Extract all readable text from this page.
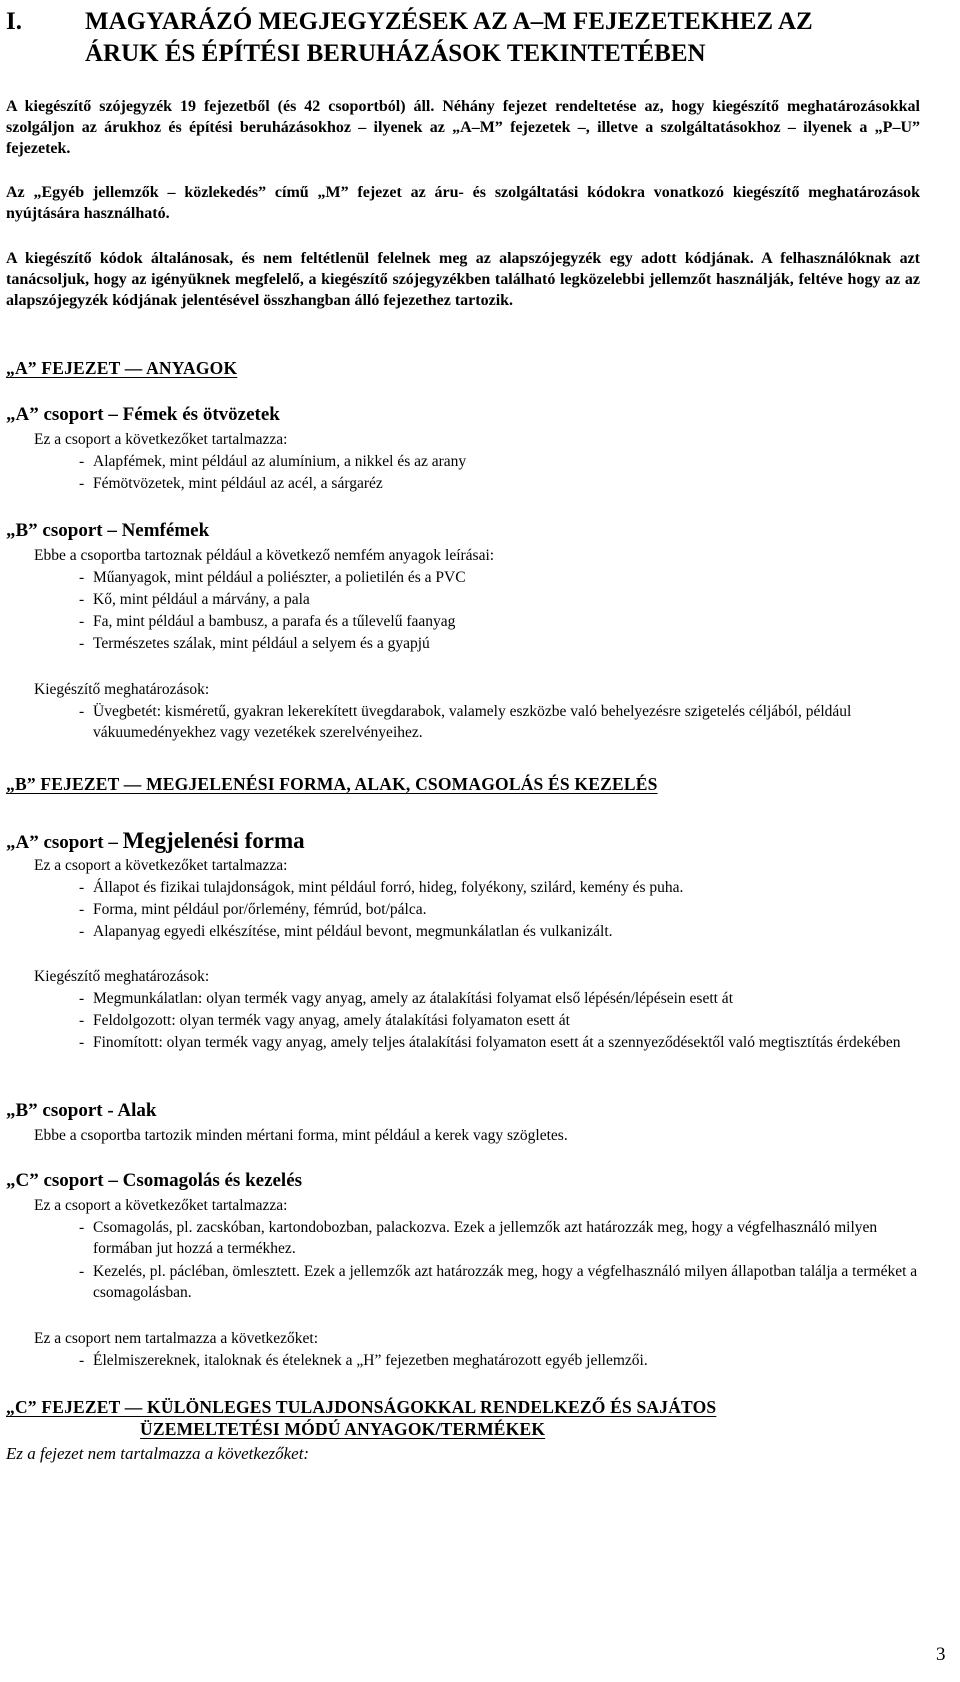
I.	MAGYARÁZÓ MEGJEGYZÉSEK AZ A–M FEJEZETEKHEZ AZ
ÁRUK ÉS ÉPÍTÉSI BERUHÁZÁSOK TEKINTETÉBEN
A kiegészítő szójegyzék 19 fejezetből (és 42 csoportból) áll. Néhány fejezet rendeltetése az, hogy kiegészítő meghatározásokkal szolgáljon az árukhoz és építési beruházásokhoz – ilyenek az „A–M” fejezetek –, illetve a szolgáltatásokhoz – ilyenek a „P–U” fejezetek.
Az „Egyéb jellemzők – közlekedés” című „M” fejezet az áru- és szolgáltatási kódokra vonatkozó kiegészítő meghatározások nyújtására használható.
A kiegészítő kódok általánosak, és nem feltétlenül felelnek meg az alapszójegyzék egy adott kódjának. A felhasználóknak azt tanácsoljuk, hogy az igényüknek megfelelő, a kiegészítő szójegyzékben található legközelebbi jellemzőt használják, feltéve hogy az az alapszójegyzék kódjának jelentésével összhangban álló fejezethez tartozik.
„A” FEJEZET — ANYAGOK
„A” csoport – Fémek és ötvözetek
Ez a csoport a következőket tartalmazza:
- Alapfémek, mint például az alumínium, a nikkel és az arany
- Fémötvözetek, mint például az acél, a sárgaréz
„B” csoport – Nemfémek
Ebbe a csoportba tartoznak például a következő nemfém anyagok leírásai:
- Műanyagok, mint például a poliészter, a polietilén és a PVC
- Kő, mint például a márvány, a pala
- Fa, mint például a bambusz, a parafa és a tűlevelű faanyag
- Természetes szálak, mint például a selyem és a gyapjú
Kiegészítő meghatározások:
- Üvegbetét: kisméretű, gyakran lekerekített üvegdarabok, valamely eszközbe való behelyezésre szigetelés céljából, például vákuumedényekhez vagy vezetékek szerelvényeihez.
„B” FEJEZET — MEGJELENÉSI FORMA, ALAK, CSOMAGOLÁS ÉS KEZELÉS
„A” csoport – Megjelenési forma
Ez a csoport a következőket tartalmazza:
- Állapot és fizikai tulajdonságok, mint például forró, hideg, folyékony, szilárd, kemény és puha.
- Forma, mint például por/őrlemény, fémrúd, bot/pálca.
- Alapanyag egyedi elkészítése, mint például bevont, megmunkálatlan és vulkanizált.
Kiegészítő meghatározások:
- Megmunkálatlan: olyan termék vagy anyag, amely az átalakítási folyamat első lépésén/lépésein esett át
- Feldolgozott: olyan termék vagy anyag, amely átalakítási folyamaton esett át
- Finomított: olyan termék vagy anyag, amely teljes átalakítási folyamaton esett át a szennyeződésektől való megtisztítás érdekében
„B” csoport - Alak
Ebbe a csoportba tartozik minden mértani forma, mint például a kerek vagy szögletes.
„C” csoport – Csomagolás és kezelés
Ez a csoport a következőket tartalmazza:
- Csomagolás, pl. zacskóban, kartondobozban, palackozva. Ezek a jellemzők azt határozzák meg, hogy a végfelhasználó milyen formában jut hozzá a termékhez.
- Kezelés, pl. pácléban, ömlesztett. Ezek a jellemzők azt határozzák meg, hogy a végfelhasználó milyen állapotban találja a terméket a csomagolásban.
Ez a csoport nem tartalmazza a következőket:
- Élelmiszereknek, italoknak és ételeknek a „H” fejezetben meghatározott egyéb jellemzői.
„C” FEJEZET — KÜLÖNLEGES TULAJDONSÁGOKKAL RENDELKEZŐ ÉS SAJÁTOS
ÜZEMELTETÉSI MÓDÚ ANYAGOK/TERMÉKEK
Ez a fejezet nem tartalmazza a következőket:
3
